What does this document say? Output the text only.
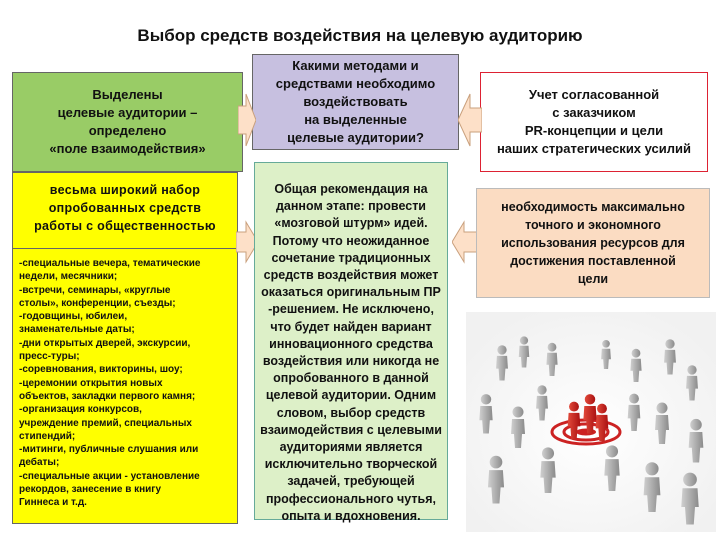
Выбор средств воздействия на целевую аудиторию
Выделены
целевые аудитории –
определено
«поле взаимодействия»
Какими методами и
средствами необходимо
воздействовать
на выделенные
целевые аудитории?
Учет согласованной
с заказчиком
PR-концепции и цели
наших стратегических усилий
весьма широкий набор
опробованных средств
работы с общественностью
-специальные вечера, тематические
недели, месячники;
-встречи, семинары, «круглые
столы», конференции, съезды;
-годовщины, юбилеи,
знаменательные даты;
-дни открытых дверей, экскурсии,
пресс-туры;
-соревнования, викторины, шоу;
-церемонии открытия новых
объектов, закладки первого камня;
-организация конкурсов,
учреждение премий, специальных
стипендий;
-митинги, публичные слушания или
дебаты;
-специальные акции - установление
рекордов, занесение в книгу
Гиннеса и т.д.
Общая рекомендация на
данном этапе: провести
«мозговой штурм» идей.
Потому что неожиданное
сочетание традиционных
средств воздействия может
оказаться оригинальным ПР
-решением. Не исключено,
что будет найден вариант
инновационного средства
воздействия или никогда не
опробованного в данной
целевой аудитории. Одним
словом, выбор средств
взаимодействия с целевыми
аудиториями является
исключительно творческой
задачей, требующей
профессионального чутья,
опыта и вдохновения.
необходимость максимально
точного и экономного
использования ресурсов для
достижения поставленной
цели
